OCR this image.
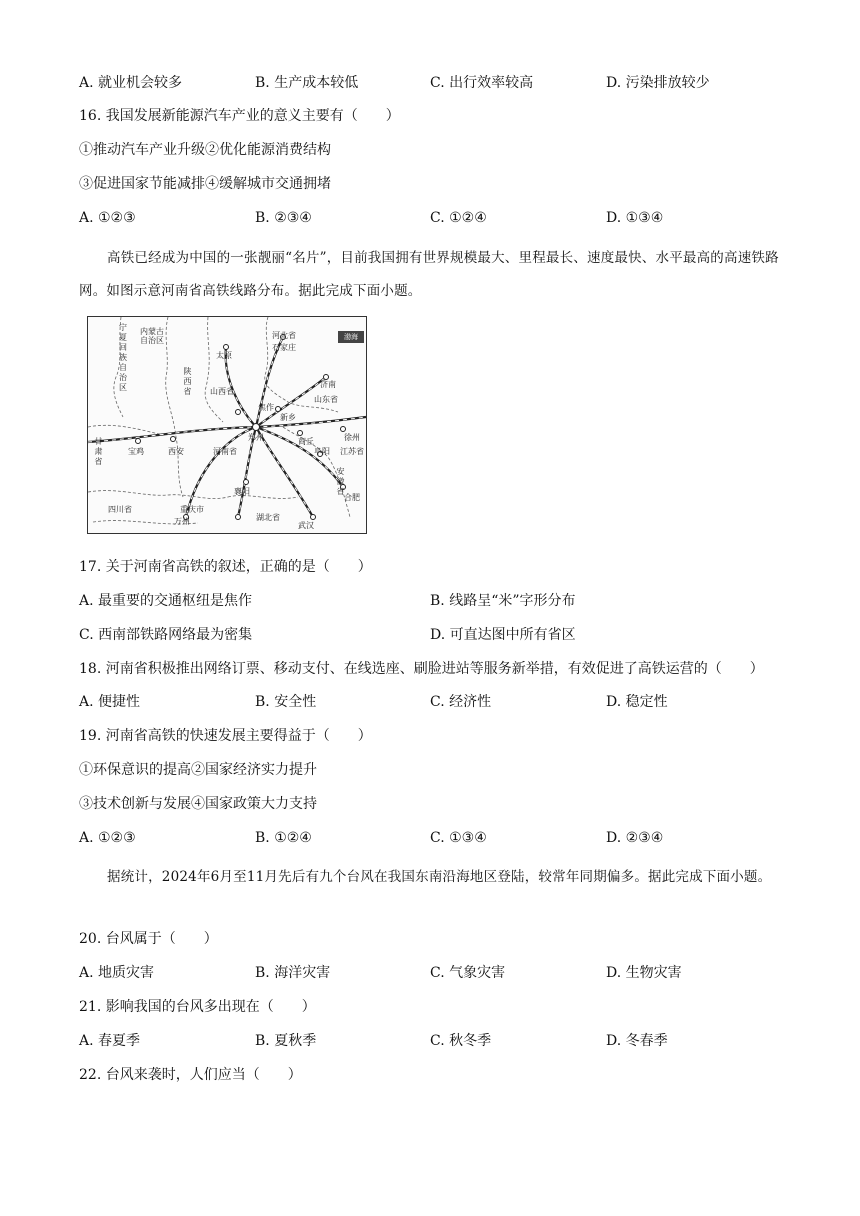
A. 就业机会较多	B. 生产成本较低	C. 出行效率较高	D. 污染排放较少
16. 我国发展新能源汽车产业的意义主要有（　　）
①推动汽车产业升级②优化能源消费结构
③促进国家节能减排④缓解城市交通拥堵
A. ①②③	B. ②③④	C. ①②④	D. ①③④
高铁已经成为中国的一张靓丽“名片”，目前我国拥有世界规模最大、里程最长、速度最快、水平最高的高速铁路网。如图示意河南省高铁线路分布。据此完成下面小题。
宁夏回族自治区
内蒙古自治区
河北省
石家庄
太原
陕西省 山西省
济南
山东省
焦作
新乡
郑州	商丘	徐州
甘肃省
宝鸡	西安	河南省	阜阳 江苏省
安徽省
合肥
四川省
襄阳
重庆市
万州	湖北省
武汉
渤海
17. 关于河南省高铁的叙述，正确的是（　　）
A. 最重要的交通枢纽是焦作	B. 线路呈“米”字形分布
C. 西南部铁路网络最为密集	D. 可直达图中所有省区
18. 河南省积极推出网络订票、移动支付、在线选座、刷脸进站等服务新举措，有效促进了高铁运营的（　　）
A. 便捷性	B. 安全性	C. 经济性	D. 稳定性
19. 河南省高铁的快速发展主要得益于（　　）
①环保意识的提高②国家经济实力提升
③技术创新与发展④国家政策大力支持
A. ①②③	B. ①②④	C. ①③④	D. ②③④
据统计，2024年6月至11月先后有九个台风在我国东南沿海地区登陆，较常年同期偏多。据此完成下面小题。
20. 台风属于（　　）
A. 地质灾害	B. 海洋灾害	C. 气象灾害	D. 生物灾害
21. 影响我国的台风多出现在（　　）
A. 春夏季	B. 夏秋季	C. 秋冬季	D. 冬春季
22. 台风来袭时，人们应当（　　）
